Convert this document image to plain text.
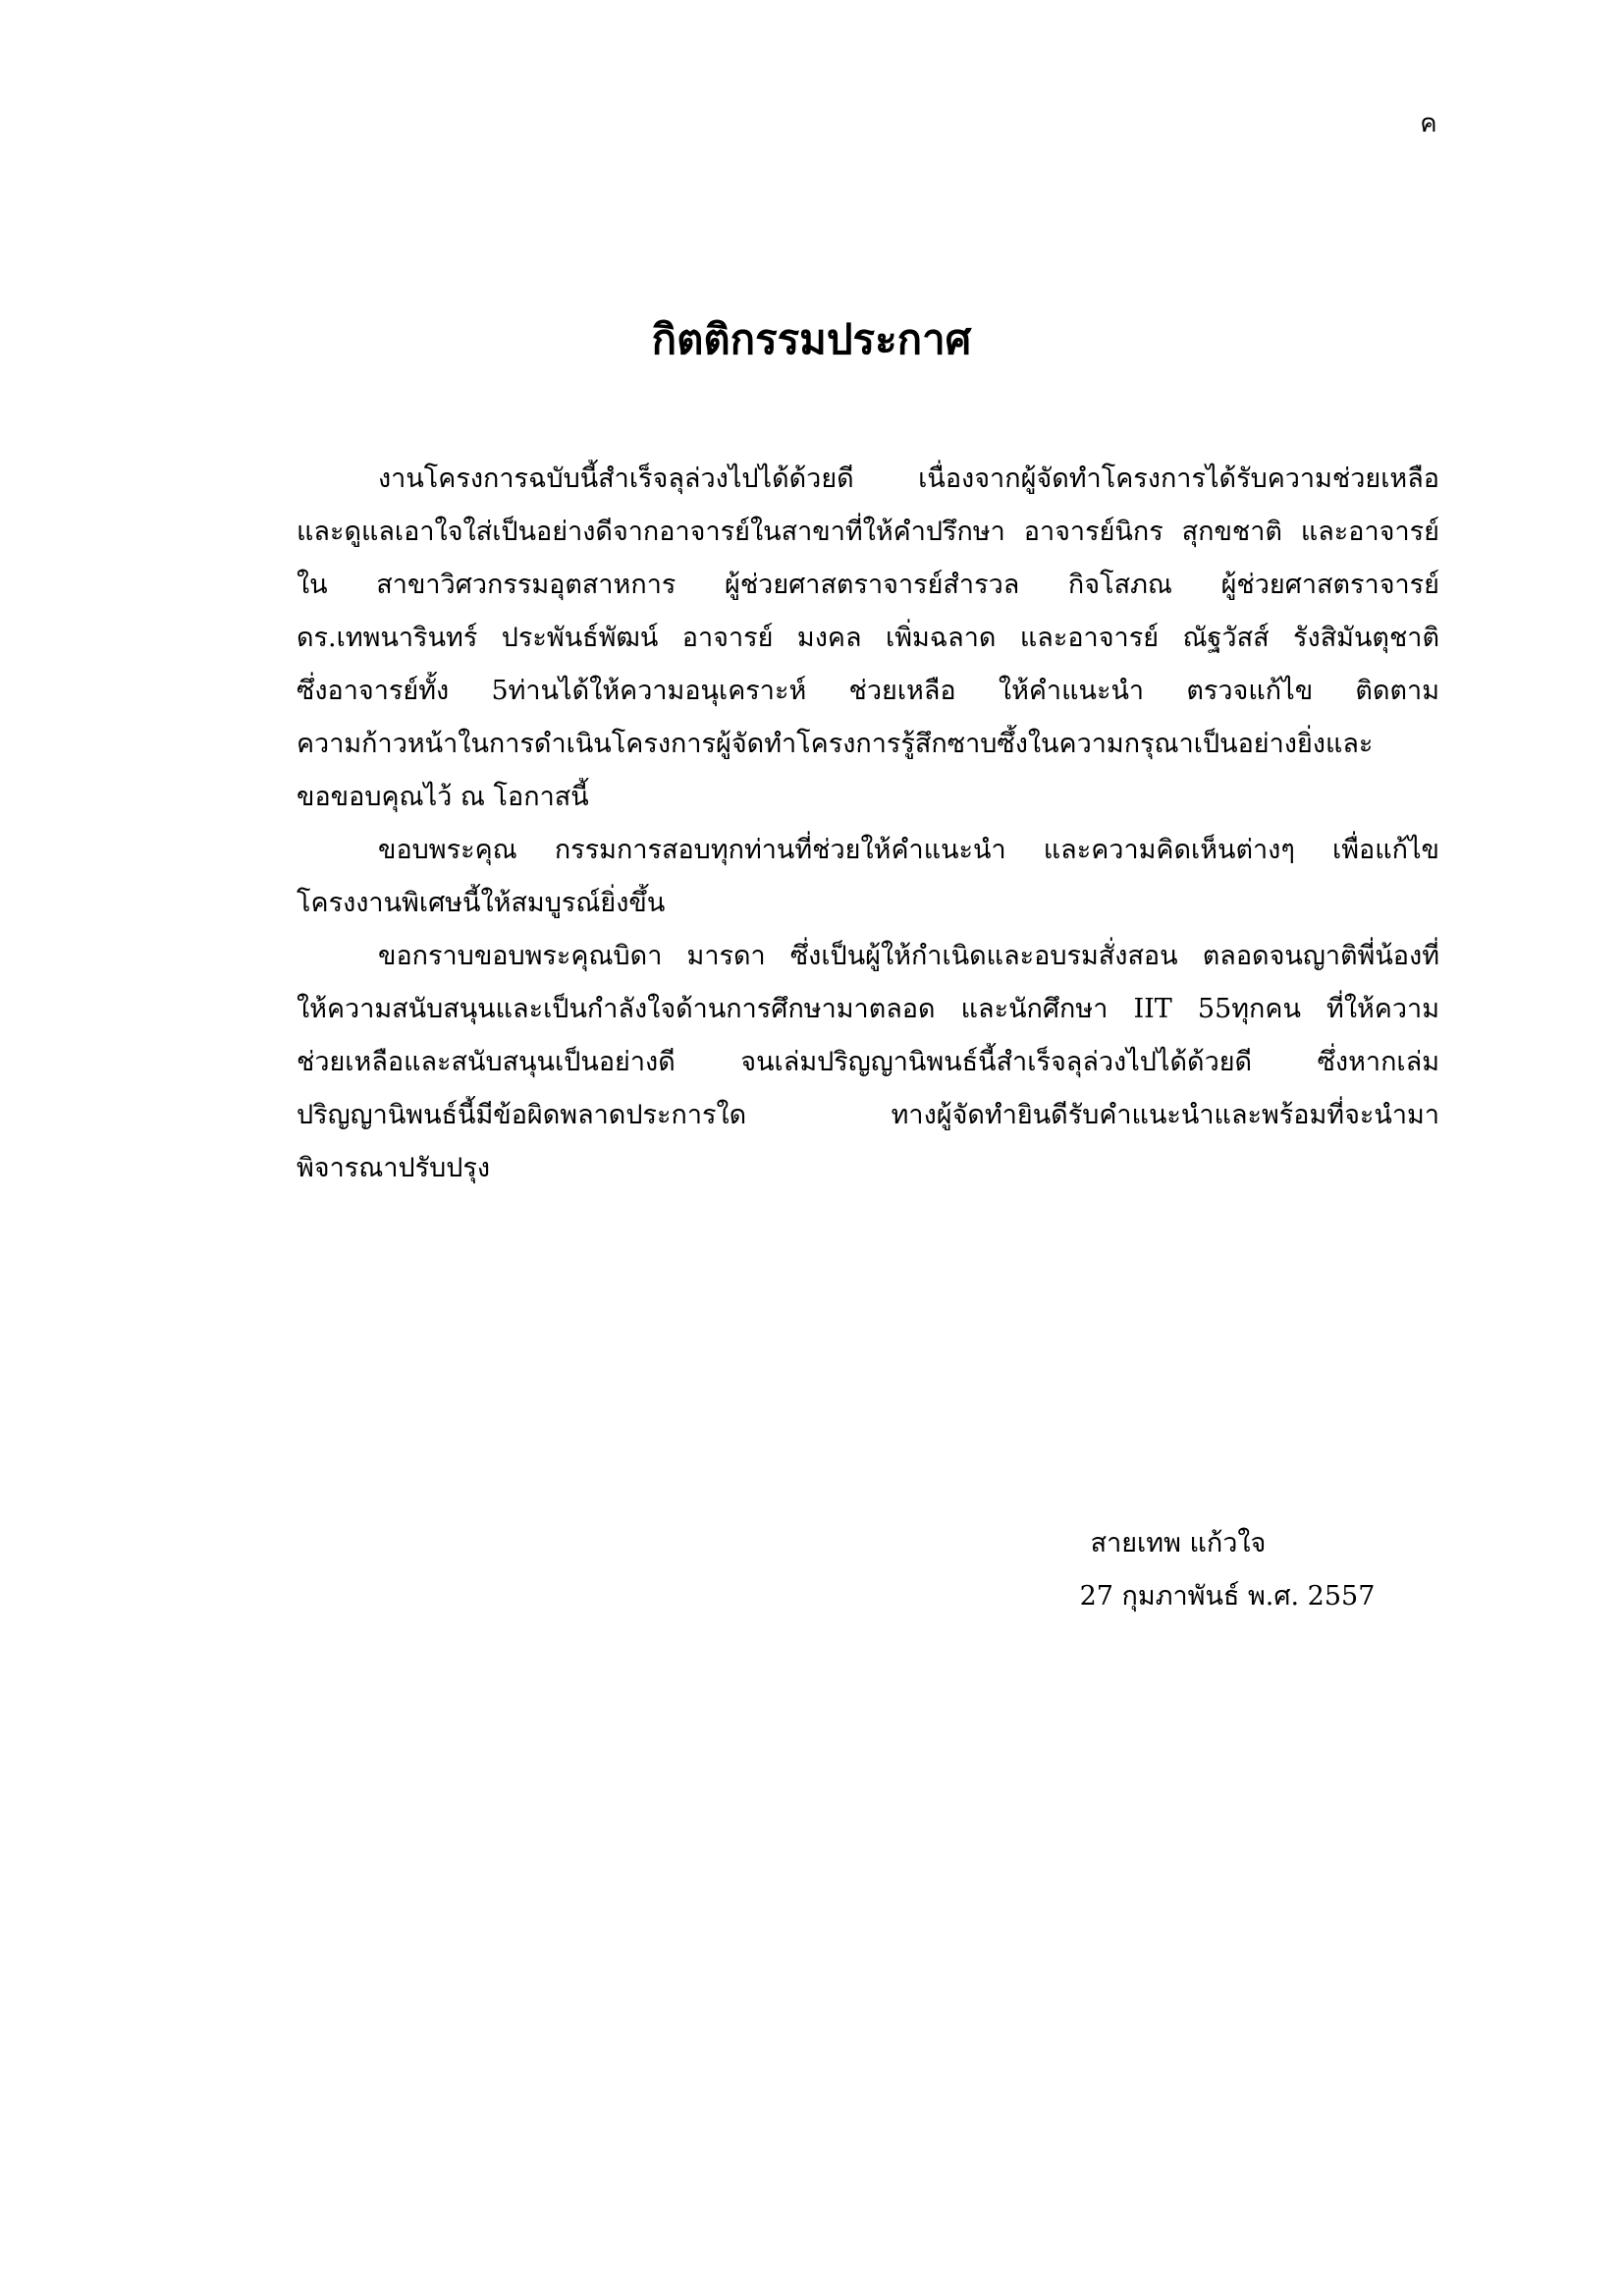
ค
กิตติกรรมประกาศ
งานโครงการฉบับนี้สำเร็จลุล่วงไปได้ด้วยดี เนื่องจากผู้จัดทำโครงการได้รับความช่วยเหลือ
และดูแลเอาใจใส่เป็นอย่างดีจากอาจารย์ในสาขาที่ให้คำปรึกษา อาจารย์นิกร สุกขชาติ และอาจารย์
ใน สาขาวิศวกรรมอุตสาหการ ผู้ช่วยศาสตราจารย์สำรวล กิจโสภณ ผู้ช่วยศาสตราจารย์
ดร.เทพนารินทร์ ประพันธ์พัฒน์ อาจารย์ มงคล เพิ่มฉลาด และอาจารย์ ณัฐวัสส์ รังสิมันตุชาติ
ซึ่งอาจารย์ทั้ง 5ท่านได้ให้ความอนุเคราะห์ ช่วยเหลือ ให้คำแนะนำ ตรวจแก้ไข ติดตาม
ความก้าวหน้าในการดำเนินโครงการผู้จัดทำโครงการรู้สึกซาบซึ้งในความกรุณาเป็นอย่างยิ่งและ
ขอขอบคุณไว้ ณ โอกาสนี้
ขอบพระคุณ กรรมการสอบทุกท่านที่ช่วยให้คำแนะนำ และความคิดเห็นต่างๆ เพื่อแก้ไข
โครงงานพิเศษนี้ให้สมบูรณ์ยิ่งขึ้น
ขอกราบขอบพระคุณบิดา มารดา ซึ่งเป็นผู้ให้กำเนิดและอบรมสั่งสอน ตลอดจนญาติพี่น้องที่
ให้ความสนับสนุนและเป็นกำลังใจด้านการศึกษามาตลอด และนักศึกษา IIT 55ทุกคน ที่ให้ความ
ช่วยเหลือและสนับสนุนเป็นอย่างดี จนเล่มปริญญานิพนธ์นี้สำเร็จลุล่วงไปได้ด้วยดี ซึ่งหากเล่ม
ปริญญานิพนธ์นี้มีข้อผิดพลาดประการใด ทางผู้จัดทำยินดีรับคำแนะนำและพร้อมที่จะนำมา
พิจารณาปรับปรุง
สายเทพ แก้วใจ
27 กุมภาพันธ์ พ.ศ. 2557
